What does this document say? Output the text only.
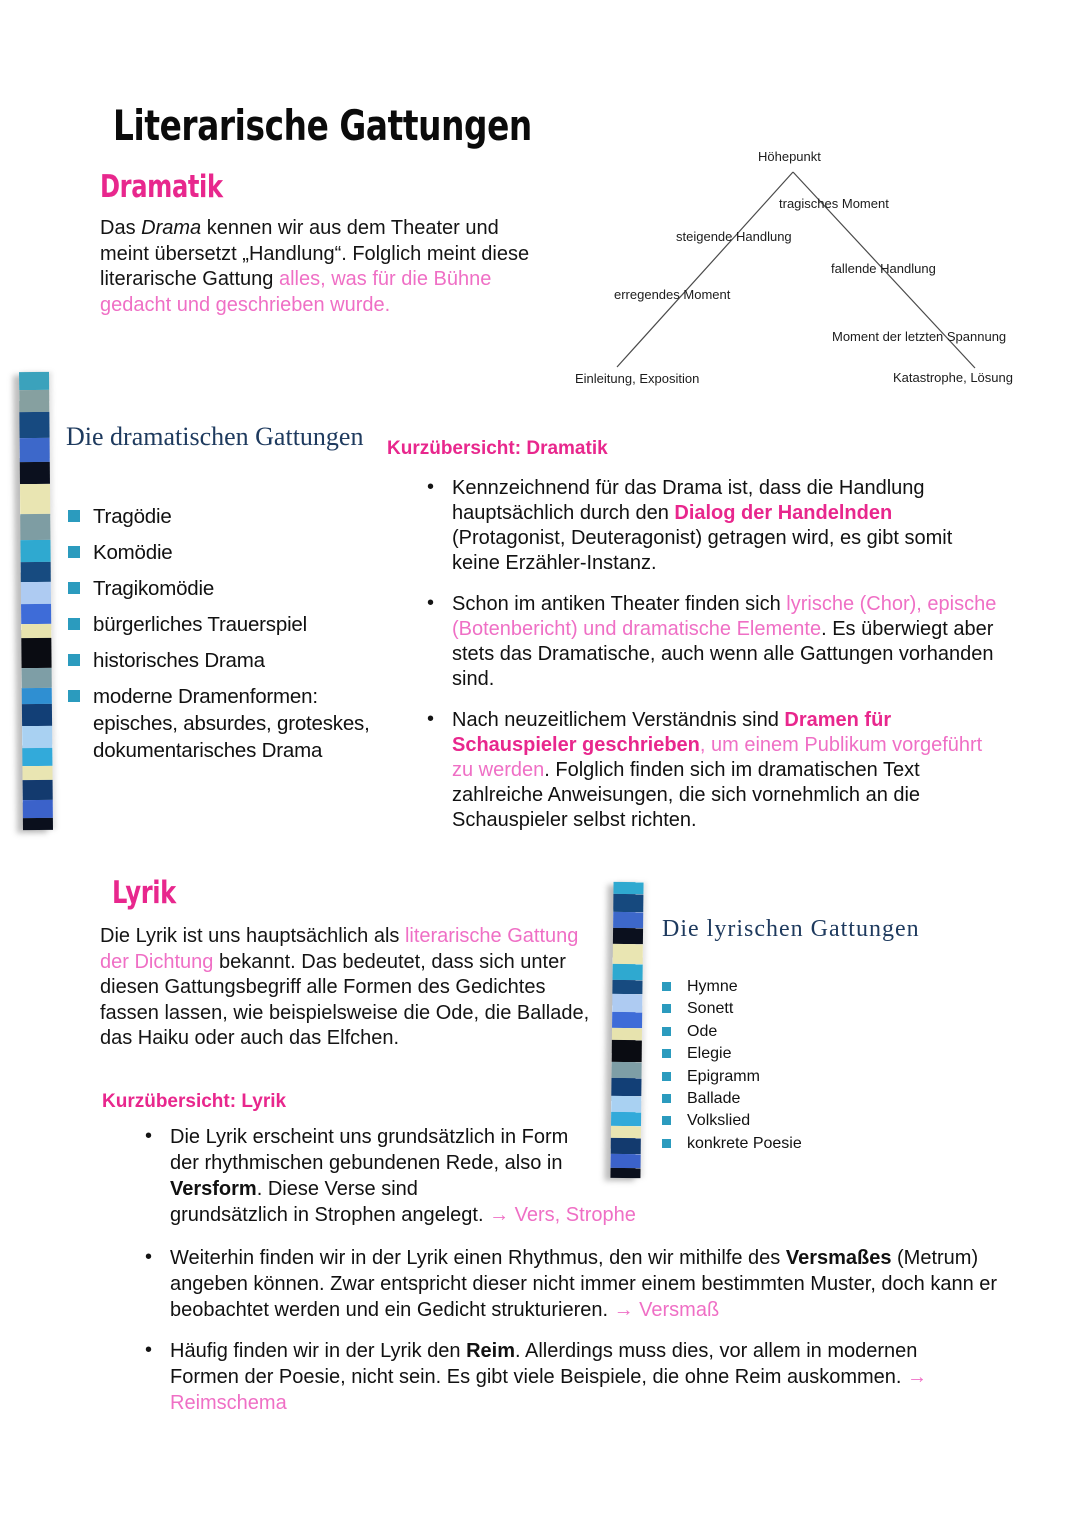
Literarische Gattungen
Dramatik
Das Drama kennen wir aus dem Theater und meint übersetzt „Handlung“. Folglich meint diese literarische Gattung alles, was für die Bühne gedacht und geschrieben wurde.
Höhepunkt
tragisches Moment
steigende Handlung
fallende Handlung
erregendes Moment
Moment der letzten Spannung
Einleitung, Exposition	Katastrophe, Lösung
Die dramatischen Gattungen
Tragödie
Komödie
Tragikomödie
bürgerliches Trauerspiel
historisches Drama
moderne Dramenformen: episches, absurdes, groteskes, dokumentarisches Drama
Kurzübersicht: Dramatik
• Kennzeichnend für das Drama ist, dass die Handlung hauptsächlich durch den Dialog der Handelnden (Protagonist, Deuteragonist) getragen wird, es gibt somit keine Erzähler-Instanz.
• Schon im antiken Theater finden sich lyrische (Chor), epische (Botenbericht) und dramatische Elemente. Es überwiegt aber stets das Dramatische, auch wenn alle Gattungen vorhanden sind.
• Nach neuzeitlichem Verständnis sind Dramen für Schauspieler geschrieben, um einem Publikum vorgeführt zu werden. Folglich finden sich im dramatischen Text zahlreiche Anweisungen, die sich vornehmlich an die Schauspieler selbst richten.
Lyrik
Die Lyrik ist uns hauptsächlich als literarische Gattung der Dichtung bekannt. Das bedeutet, dass sich unter diesen Gattungsbegriff alle Formen des Gedichtes fassen lassen, wie beispielsweise die Ode, die Ballade, das Haiku oder auch das Elfchen.
Die lyrischen Gattungen
Hymne
Sonett
Ode
Elegie
Epigramm
Ballade
Volkslied
konkrete Poesie
Kurzübersicht: Lyrik
• Die Lyrik erscheint uns grundsätzlich in Form der rhythmischen gebundenen Rede, also in Versform. Diese Verse sind
grundsätzlich in Strophen angelegt. → Vers, Strophe
• Weiterhin finden wir in der Lyrik einen Rhythmus, den wir mithilfe des Versmaßes (Metrum) angeben können. Zwar entspricht dieser nicht immer einem bestimmten Muster, doch kann er beobachtet werden und ein Gedicht strukturieren. → Versmaß
• Häufig finden wir in der Lyrik den Reim. Allerdings muss dies, vor allem in modernen Formen der Poesie, nicht sein. Es gibt viele Beispiele, die ohne Reim auskommen. → Reimschema
